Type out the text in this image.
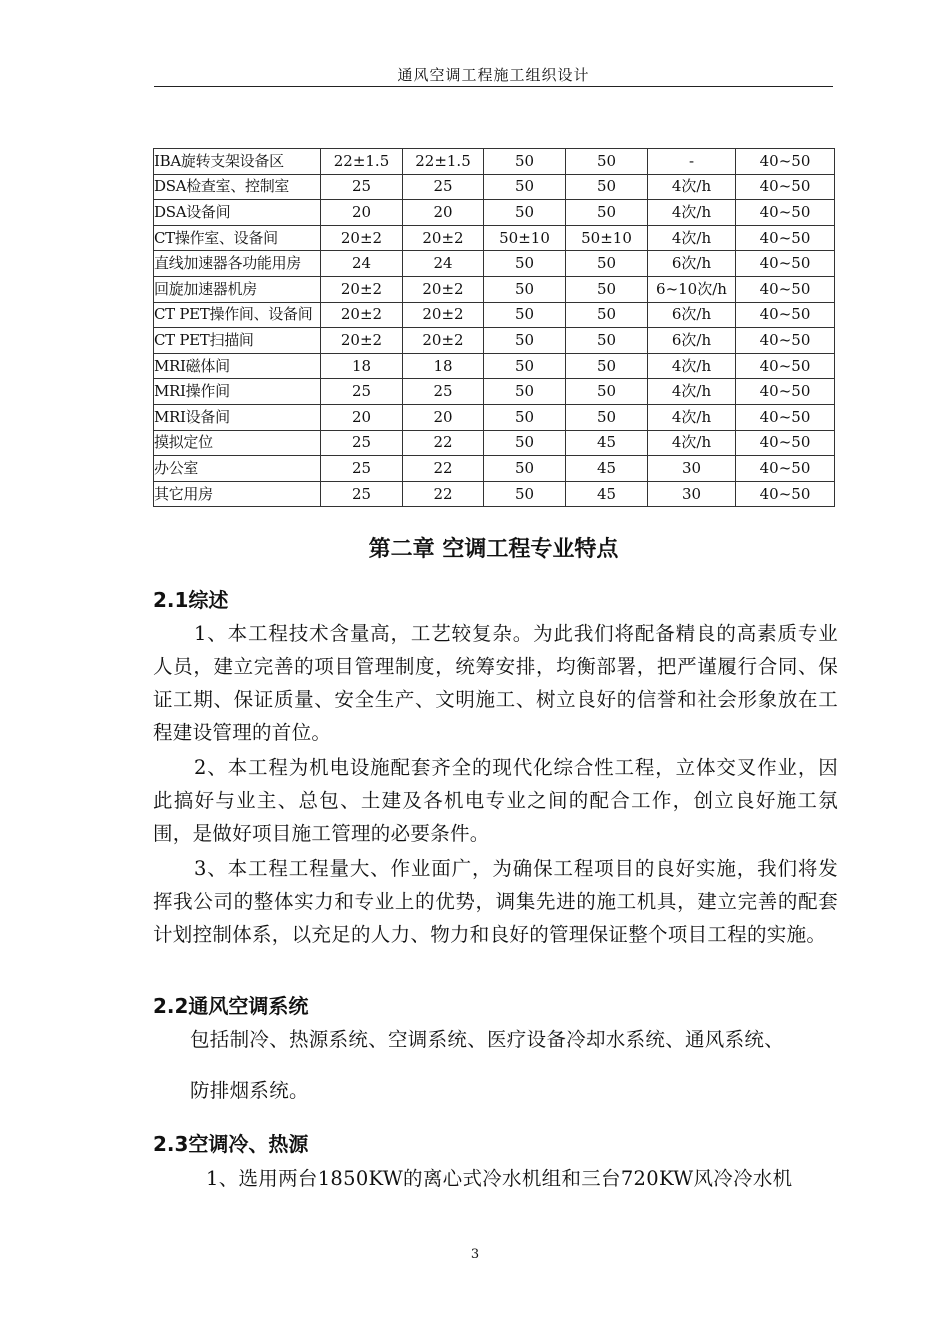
通风空调工程施工组织设计
IBA旋转支架设备区	22±1.5	22±1.5	50	50	-	40~50
DSA检查室、控制室	25	25	50	50	4次/h	40~50
DSA设备间	20	20	50	50	4次/h	40~50
CT操作室、设备间	20±2	20±2	50±10	50±10	4次/h	40~50
直线加速器各功能用房	24	24	50	50	6次/h	40~50
回旋加速器机房	20±2	20±2	50	50	6~10次/h	40~50
CT PET操作间、设备间	20±2	20±2	50	50	6次/h	40~50
CT PET扫描间	20±2	20±2	50	50	6次/h	40~50
MRI磁体间	18	18	50	50	4次/h	40~50
MRI操作间	25	25	50	50	4次/h	40~50
MRI设备间	20	20	50	50	4次/h	40~50
摸拟定位	25	22	50	45	4次/h	40~50
办公室	25	22	50	45	30	40~50
其它用房	25	22	50	45	30	40~50
第二章 空调工程专业特点
2.1综述
1、本工程技术含量高，工艺较复杂。为此我们将配备精良的高素质专业人员，建立完善的项目管理制度，统筹安排，均衡部署，把严谨履行合同、保证工期、保证质量、安全生产、文明施工、树立良好的信誉和社会形象放在工程建设管理的首位。
2、本工程为机电设施配套齐全的现代化综合性工程，立体交叉作业，因此搞好与业主、总包、土建及各机电专业之间的配合工作，创立良好施工氛围，是做好项目施工管理的必要条件。
3、本工程工程量大、作业面广，为确保工程项目的良好实施，我们将发挥我公司的整体实力和专业上的优势，调集先进的施工机具，建立完善的配套计划控制体系，以充足的人力、物力和良好的管理保证整个项目工程的实施。
2.2通风空调系统
包括制冷、热源系统、空调系统、医疗设备冷却水系统、通风系统、
防排烟系统。
2.3空调冷、热源
1、选用两台1850KW的离心式冷水机组和三台720KW风冷冷水机
3
